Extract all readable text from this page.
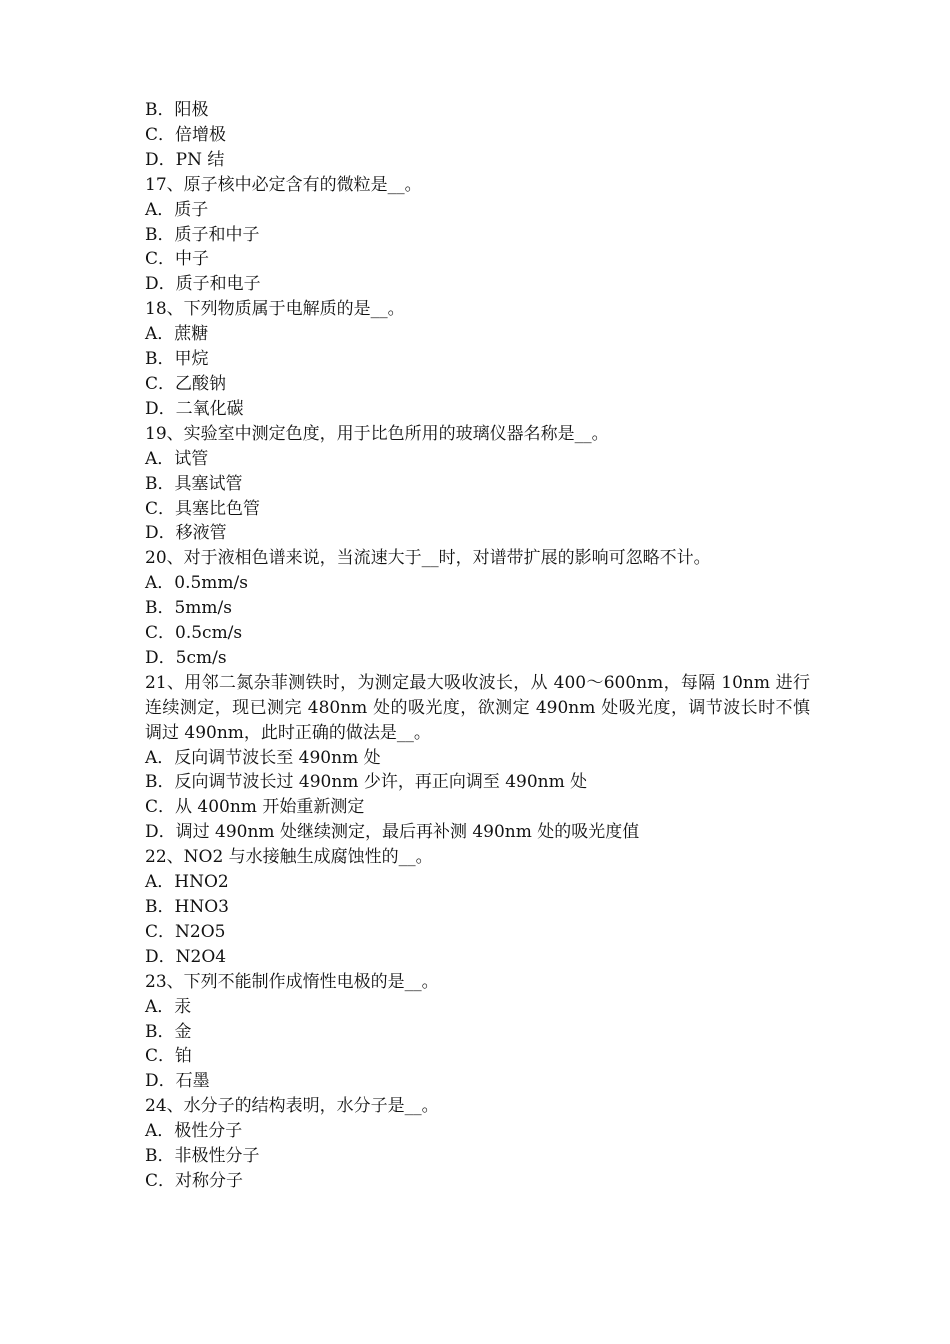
B．阳极
C．倍增极
D．PN 结
17、原子核中必定含有的微粒是__。
A．质子
B．质子和中子
C．中子
D．质子和电子
18、下列物质属于电解质的是__。
A．蔗糖
B．甲烷
C．乙酸钠
D．二氧化碳
19、实验室中测定色度，用于比色所用的玻璃仪器名称是__。
A．试管
B．具塞试管
C．具塞比色管
D．移液管
20、对于液相色谱来说，当流速大于__时，对谱带扩展的影响可忽略不计。
A．0.5mm/s
B．5mm/s
C．0.5cm/s
D．5cm/s
21、用邻二氮杂菲测铁时，为测定最大吸收波长，从 400～600nm，每隔 10nm 进行连续测定，现已测完 480nm 处的吸光度，欲测定 490nm 处吸光度，调节波长时不慎调过 490nm，此时正确的做法是__。
A．反向调节波长至 490nm 处
B．反向调节波长过 490nm 少许，再正向调至 490nm 处
C．从 400nm 开始重新测定
D．调过 490nm 处继续测定，最后再补测 490nm 处的吸光度值
22、NO2 与水接触生成腐蚀性的__。
A．HNO2
B．HNO3
C．N2O5
D．N2O4
23、下列不能制作成惰性电极的是__。
A．汞
B．金
C．铂
D．石墨
24、水分子的结构表明，水分子是__。
A．极性分子
B．非极性分子
C．对称分子
